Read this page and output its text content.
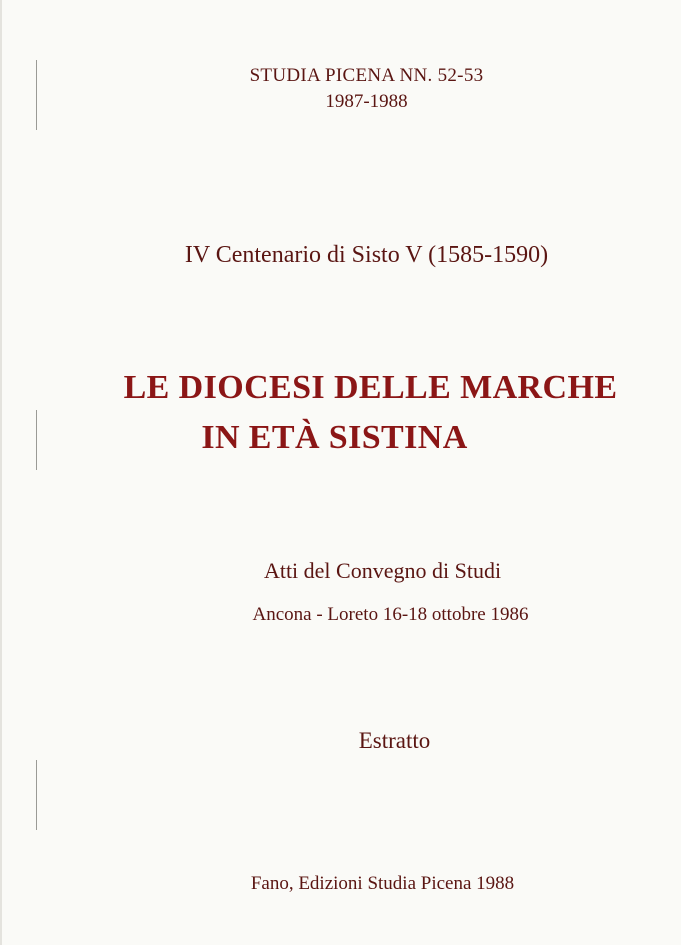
STUDIA PICENA NN. 52-53
1987-1988
IV Centenario di Sisto V (1585-1590)
LE DIOCESI DELLE MARCHE
IN ETÀ SISTINA
Atti del Convegno di Studi
Ancona - Loreto 16-18 ottobre 1986
Estratto
Fano, Edizioni Studia Picena 1988
